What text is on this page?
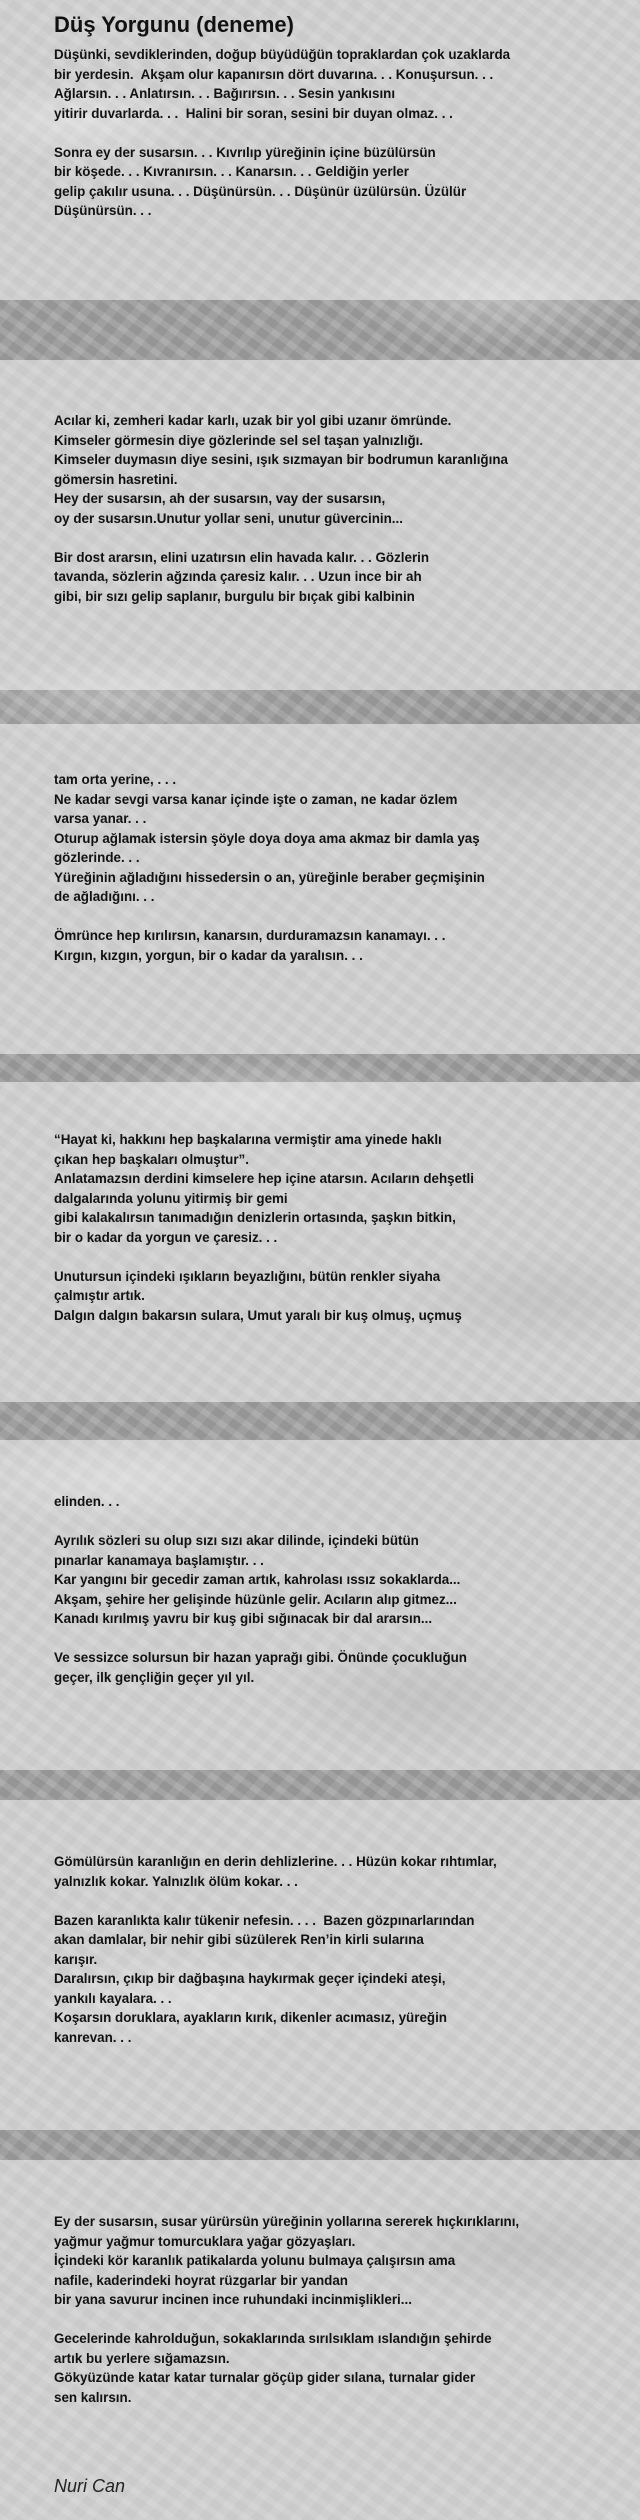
Düş Yorgunu (deneme)
Düşünki, sevdiklerinden, doğup büyüdüğün topraklardan çok uzaklarda
bir yerdesin.  Akşam olur kapanırsın dört duvarına. . . Konuşursun. . .
Ağlarsın. . . Anlatırsın. . . Bağırırsın. . . Sesin yankısını
yitirir duvarlarda. . .  Halini bir soran, sesini bir duyan olmaz. . .
Sonra ey der susarsın. . . Kıvrılıp yüreğinin içine büzülürsün
bir köşede. . . Kıvranırsın. . . Kanarsın. . . Geldiğin yerler
gelip çakılır usuna. . . Düşünürsün. . . Düşünür üzülürsün. Üzülür
Düşünürsün. . .
Acılar ki, zemheri kadar karlı, uzak bir yol gibi uzanır ömründe.
Kimseler görmesin diye gözlerinde sel sel taşan yalnızlığı.
Kimseler duymasın diye sesini, ışık sızmayan bir bodrumun karanlığına
gömersin hasretini.
Hey der susarsın, ah der susarsın, vay der susarsın,
oy der susarsın.Unutur yollar seni, unutur güvercinin...
Bir dost ararsın, elini uzatırsın elin havada kalır. . . Gözlerin
tavanda, sözlerin ağzında çaresiz kalır. . . Uzun ince bir ah
gibi, bir sızı gelip saplanır, burgulu bir bıçak gibi kalbinin
tam orta yerine, . . .
Ne kadar sevgi varsa kanar içinde işte o zaman, ne kadar özlem
varsa yanar. . .
Oturup ağlamak istersin şöyle doya doya ama akmaz bir damla yaş
gözlerinde. . .
Yüreğinin ağladığını hissedersin o an, yüreğinle beraber geçmişinin
de ağladığını. . .
Ömrünce hep kırılırsın, kanarsın, durduramazsın kanamayı. . .
Kırgın, kızgın, yorgun, bir o kadar da yaralısın. . .
“Hayat ki, hakkını hep başkalarına vermiştir ama yinede haklı
çıkan hep başkaları olmuştur”.
Anlatamazsın derdini kimselere hep içine atarsın. Acıların dehşetli
dalgalarında yolunu yitirmiş bir gemi
gibi kalakalırsın tanımadığın denizlerin ortasında, şaşkın bitkin,
bir o kadar da yorgun ve çaresiz. . .
Unutursun içindeki ışıkların beyazlığını, bütün renkler siyaha
çalmıştır artık.
Dalgın dalgın bakarsın sulara, Umut yaralı bir kuş olmuş, uçmuş
elinden. . .
Ayrılık sözleri su olup sızı sızı akar dilinde, içindeki bütün
pınarlar kanamaya başlamıştır. . .
Kar yangını bir gecedir zaman artık, kahrolası ıssız sokaklarda...
Akşam, şehire her gelişinde hüzünle gelir. Acıların alıp gitmez...
Kanadı kırılmış yavru bir kuş gibi sığınacak bir dal ararsın...
Ve sessizce solursun bir hazan yaprağı gibi. Önünde çocukluğun
geçer, ilk gençliğin geçer yıl yıl.
Gömülürsün karanlığın en derin dehlizlerine. . . Hüzün kokar rıhtımlar,
yalnızlık kokar. Yalnızlık ölüm kokar. . .
Bazen karanlıkta kalır tükenir nefesin. . . .  Bazen gözpınarlarından
akan damlalar, bir nehir gibi süzülerek Ren’in kirli sularına
karışır.
Daralırsın, çıkıp bir dağbaşına haykırmak geçer içindeki ateşi,
yankılı kayalara. . .
Koşarsın doruklara, ayakların kırık, dikenler acımasız, yüreğin
kanrevan. . .
Ey der susarsın, susar yürürsün yüreğinin yollarına sererek hıçkırıklarını,
yağmur yağmur tomurcuklara yağar gözyaşları.
İçindeki kör karanlık patikalarda yolunu bulmaya çalışırsın ama
nafile, kaderindeki hoyrat rüzgarlar bir yandan
bir yana savurur incinen ince ruhundaki incinmişlikleri...
Gecelerinde kahrolduğun, sokaklarında sırılsıklam ıslandığın şehirde
artık bu yerlere sığamazsın.
Gökyüzünde katar katar turnalar göçüp gider sılana, turnalar gider
sen kalırsın.
Nuri Can
